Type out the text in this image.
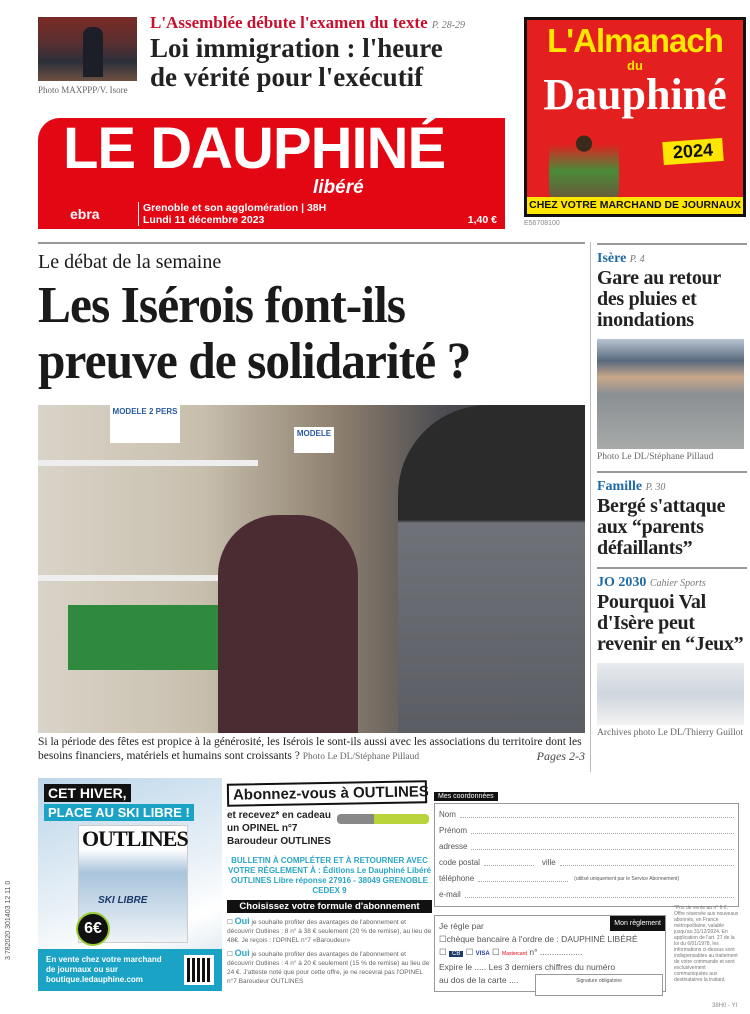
Photo MAXPPP/V. Isore
L'Assemblée débute l'examen du texte P. 28-29
Loi immigration : l'heure
de vérité pour l'exécutif
L'Almanach
du
Dauphiné
2024
CHEZ VOTRE MARCHAND DE JOURNAUX
E56708100
LE DAUPHINÉ
libéré
ebra	Grenoble et son agglomération | 38H
Lundi 11 décembre 2023	1,40 €
Le débat de la semaine
Les Isérois font-ils
preuve de solidarité ?
MODELE 2 PERS
MODELE
Si la période des fêtes est propice à la générosité, les Isérois le sont-ils aussi avec les associations du territoire dont les besoins financiers, matériels et humains sont croissants ? Photo Le DL/Stéphane Pillaud	Pages 2-3
Isère P. 4
Gare au retour des pluies et inondations
Photo Le DL/Stéphane Pillaud
Famille P. 30
Bergé s'attaque aux “parents défaillants”
JO 2030 Cahier Sports
Pourquoi Val d'Isère peut revenir en “Jeux”
Archives photo Le DL/Thierry Guillot
3 782020 301403 12 11 0
CET HIVER,
PLACE AU SKI LIBRE !
OUTLINES
SKI LIBRE
6€
En vente chez votre marchand de journaux ou sur boutique.ledauphine.com
Abonnez-vous à OUTLINES
et recevez* en cadeau un OPINEL n°7 Baroudeur OUTLINES
BULLETIN À COMPLÉTER ET À RETOURNER AVEC VOTRE RÈGLEMENT À : Éditions Le Dauphiné Libéré OUTLINES Libre réponse 27916 - 38049 GRENOBLE CEDEX 9
Choisissez votre formule d'abonnement
☐ Oui je souhaite profiter des avantages de l'abonnement et découvrir Outlines : 8 n° à 38 € seulement (20 % de remise), au lieu de 48€. Je reçois : l'OPINEL n°7 «Baroudeur»
☐ Oui je souhaite profiter des avantages de l'abonnement et découvrir Outlines : 4 n° à 20 € seulement (15 % de remise) au lieu de 24 €. J'atteste noté que pour cette offre, je ne recevrai pas l'OPINEL n°7 Baroudeur OUTLINES
Mes coordonnées
Nom
Prénom
adresse
code postal	ville
téléphone	(utilisé uniquement par le Service Abonnement)
e-mail
Mon règlement
Je règle par
☐chèque bancaire à l'ordre de : DAUPHINÉ LIBÉRÉ
☐ CB ☐ VISA ☐ Mastercard n° ..................
Expire le ..... Les 3 derniers chiffres du numéro
au dos de la carte ....	Signature obligatoire
*Prix de vente au n° 6 €. Offre réservée aux nouveaux abonnés, en France métropolitaine, valable jusqu'au 31/12/2024. En application de l'art. 27 de la loi du 6/01/1978, les informations ci-dessus sont indispensables au traitement de votre commande et sont exclusivement communiquées aux destinataires la traitant.
38H0 - YI
